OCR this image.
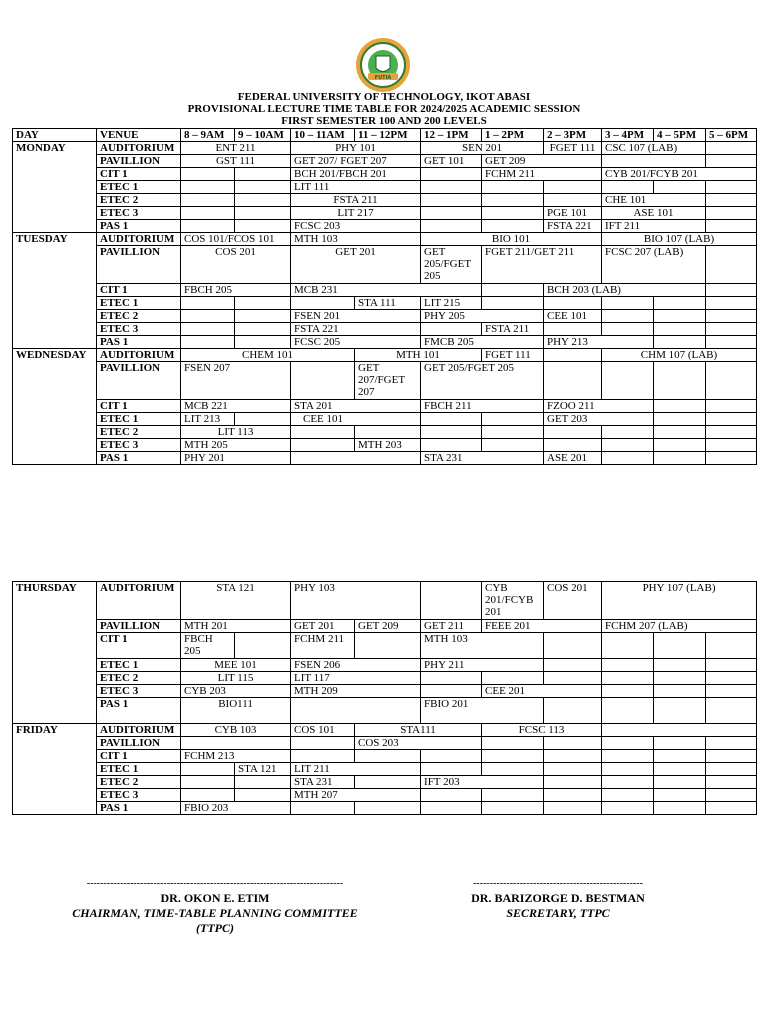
FUTIA
FEDERAL UNIVERSITY OF TECHNOLOGY, IKOT ABASI
PROVISIONAL LECTURE TIME TABLE FOR 2024/2025 ACADEMIC SESSION
FIRST SEMESTER 100 AND 200 LEVELS
DAY	VENUE	8 – 9AM	9 – 10AM	10 – 11AM	11 – 12PM	12 – 1PM	1 – 2PM	2 – 3PM	3 – 4PM	4 – 5PM	5 – 6PM
MONDAY	AUDITORIUM	ENT 211		PHY 101		SEN 201		FGET 111	CSC 107 (LAB)		
	PAVILLION	GST 111		GET 207/ FGET 207		GET 101	GET 209				
	CIT 1			BCH 201/FBCH 201			FCHM 211		CYB 201/FCYB 201		
	ETEC 1			LIT 111							
	ETEC 2			FSTA 211					CHE 101		
	ETEC 3			LIT 217				PGE 101	ASE 101		
	PAS 1			FCSC 203				FSTA 221	IFT 211		
TUESDAY	AUDITORIUM	COS 101/FCOS 101		MTH 103		BIO 101			BIO 107 (LAB)		
	PAVILLION	COS 201		GET 201		GET 205/FGET 205	FGET 211/GET 211		FCSC 207 (LAB)		
	CIT 1	FBCH 205		MCB 231				BCH 203 (LAB)			
	ETEC 1				STA 111	LIT 215					
	ETEC 2			FSEN 201		PHY 205		CEE 101			
	ETEC 3			FSTA 221			FSTA 211				
	PAS 1			FCSC 205		FMCB 205		PHY 213			
WEDNESDAY	AUDITORIUM	CHEM 101			MTH 101		FGET 111		CHM 107 (LAB)		
	PAVILLION	FSEN 207			GET 207/FGET 207	GET 205/FGET 205					
	CIT 1	MCB 221		STA 201		FBCH 211		FZOO 211			
	ETEC 1	LIT 213		CEE 101				GET 203			
	ETEC 2	LIT 113									
	ETEC 3	MTH 205			MTH 203						
	PAS 1	PHY 201				STA 231		ASE 201			
THURSDAY	AUDITORIUM	STA 121		PHY 103			CYB 201/FCYB 201	COS 201	PHY 107 (LAB)		
	PAVILLION	MTH 201		GET 201	GET 209	GET 211	FEEE 201		FCHM 207 (LAB)		
	CIT 1	FBCH 205		FCHM 211		MTH 103					
	ETEC 1	MEE 101		FSEN 206		PHY 211					
	ETEC 2	LIT 115		LIT 117							
	ETEC 3	CYB 203		MTH 209			CEE 201				
	PAS 1	BIO111				FBIO 201					
FRIDAY	AUDITORIUM	CYB 103		COS 101	STA111		FCSC 113				
	PAVILLION				COS 203						
	CIT 1	FCHM 213									
	ETEC 1		STA 121	LIT 211							
	ETEC 2			STA 231		IFT 203					
	ETEC 3			MTH 207							
	PAS 1	FBIO 203									
-----------------------------------------------------------------------------
DR. OKON E. ETIM
CHAIRMAN, TIME-TABLE PLANNING COMMITTEE
(TTPC)
---------------------------------------------------
DR. BARIZORGE D. BESTMAN
SECRETARY, TTPC
